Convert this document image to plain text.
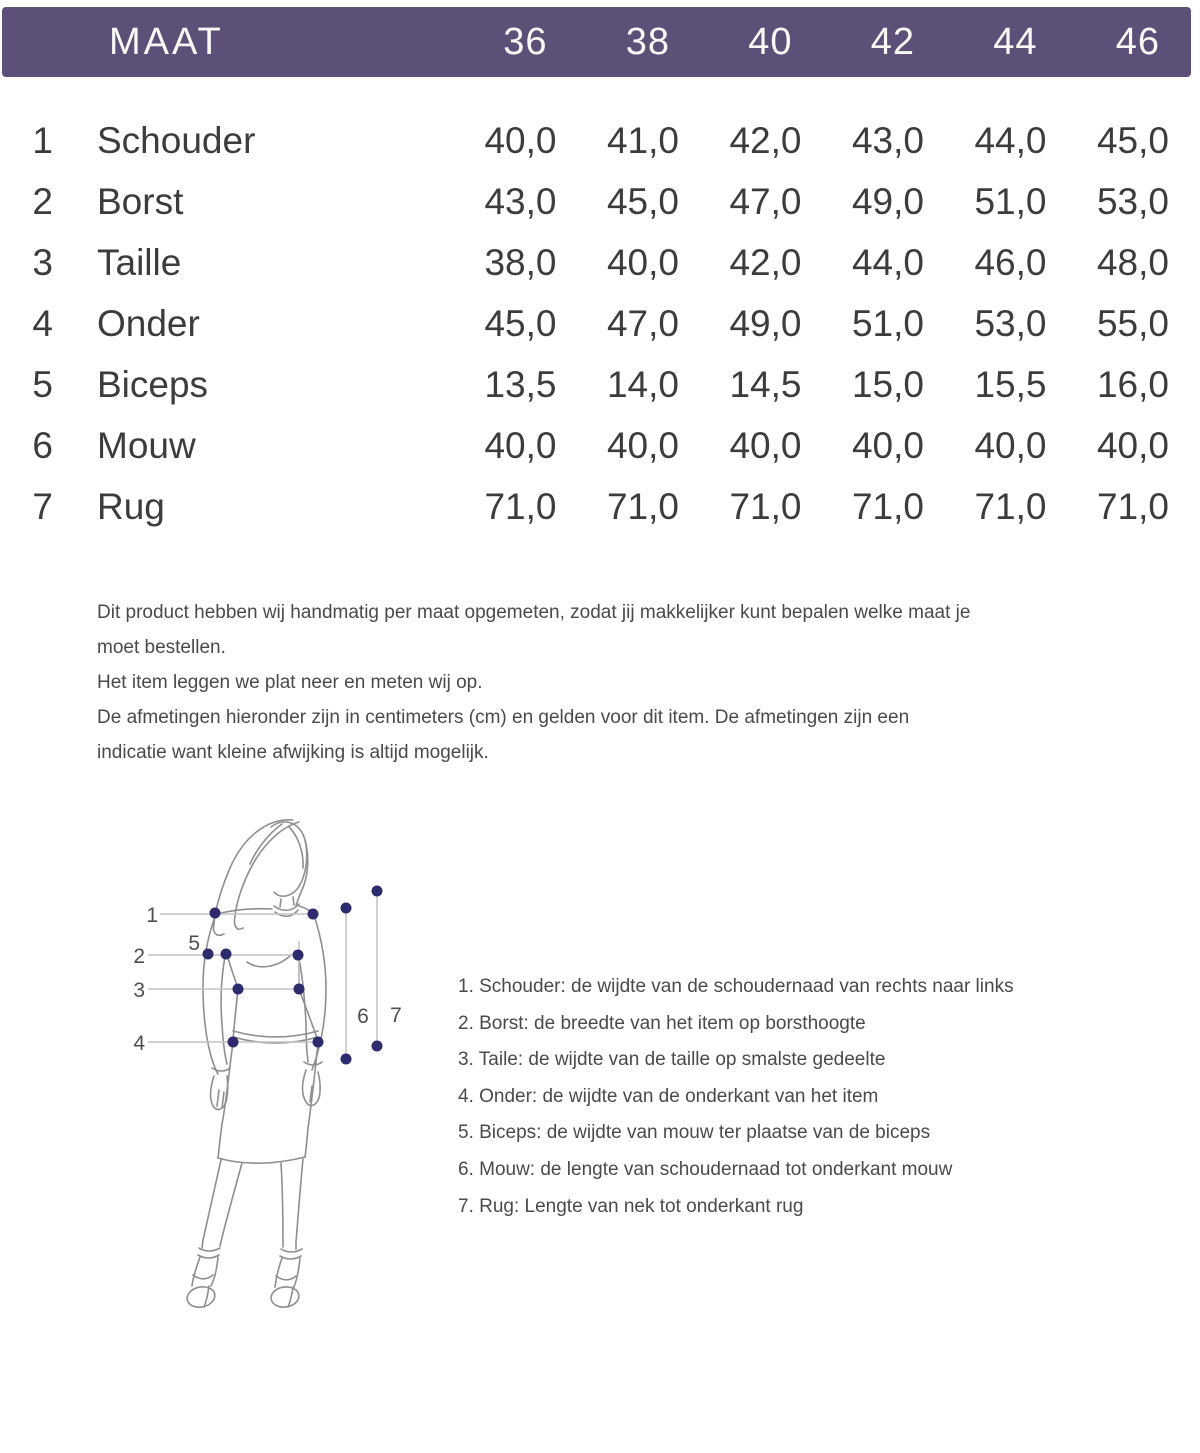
MAAT	36	38	40	42	44	46
1	Schouder	40,0	41,0	42,0	43,0	44,0	45,0
2	Borst	43,0	45,0	47,0	49,0	51,0	53,0
3	Taille	38,0	40,0	42,0	44,0	46,0	48,0
4	Onder	45,0	47,0	49,0	51,0	53,0	55,0
5	Biceps	13,5	14,0	14,5	15,0	15,5	16,0
6	Mouw	40,0	40,0	40,0	40,0	40,0	40,0
7	Rug	71,0	71,0	71,0	71,0	71,0	71,0
Dit product hebben wij handmatig per maat opgemeten, zodat jij makkelijker kunt bepalen welke maat je
moet bestellen.
Het item leggen we plat neer en meten wij op.
De afmetingen hieronder zijn in centimeters (cm) en gelden voor dit item. De afmetingen zijn een
indicatie want kleine afwijking is altijd mogelijk.
1. Schouder: de wijdte van de schoudernaad van rechts naar links
2. Borst: de breedte van het item op borsthoogte
3. Taile: de wijdte van de taille op smalste gedeelte
4. Onder: de wijdte van de onderkant van het item
5. Biceps: de wijdte van mouw ter plaatse van de biceps
6. Mouw: de lengte van schoudernaad tot onderkant mouw
7. Rug: Lengte van nek tot onderkant rug
1
2
3
4
5
6 7
